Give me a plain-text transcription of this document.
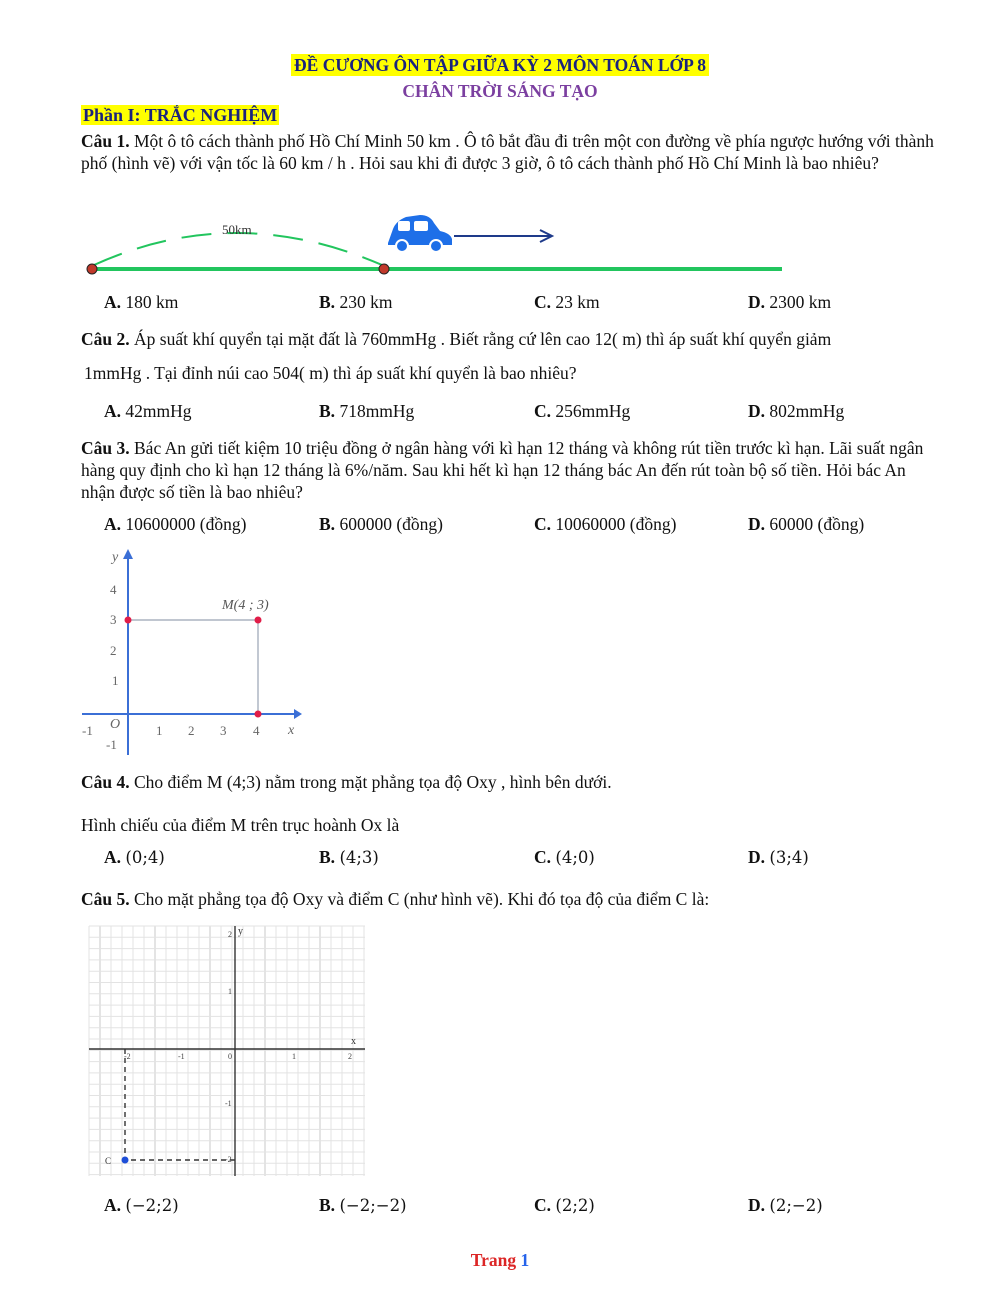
ĐỀ CƯƠNG ÔN TẬP GIỮA KỲ 2 MÔN TOÁN LỚP 8
CHÂN TRỜI SÁNG TẠO
Phần I: TRẮC NGHIỆM
Câu 1. Một ô tô cách thành phố Hồ Chí Minh 50 km . Ô tô bắt đầu đi trên một con đường về phía ngược hướng với thành phố (hình vẽ) với vận tốc là 60 km / h . Hỏi sau khi đi được 3 giờ, ô tô cách thành phố Hồ Chí Minh là bao nhiêu?
50km
A. 180 km	B. 230 km	C. 23 km	D. 2300 km
Câu 2. Áp suất khí quyển tại mặt đất là 760mmHg . Biết rằng cứ lên cao 12( m) thì áp suất khí quyển giảm
1mmHg . Tại đỉnh núi cao 504( m) thì áp suất khí quyển là bao nhiêu?
A. 42mmHg	B. 718mmHg	C. 256mmHg	D. 802mmHg
Câu 3. Bác An gửi tiết kiệm 10 triệu đồng ở ngân hàng với kì hạn 12 tháng và không rút tiền trước kì hạn. Lãi suất ngân hàng quy định cho kì hạn 12 tháng là 6%/năm. Sau khi hết kì hạn 12 tháng bác An đến rút toàn bộ số tiền. Hỏi bác An nhận được số tiền là bao nhiêu?
A. 10600000 (đồng)	B. 600000 (đồng)	C. 10060000 (đồng)	D. 60000 (đồng)
M(4 ; 3)
y
x
O
-1	1 2 3 4
4
3
2
1
-1
Câu 4. Cho điểm M (4;3) nằm trong mặt phẳng tọa độ Oxy , hình bên dưới.
Hình chiếu của điểm M trên trục hoành Ox là
A. (0;4)	B. (4;3)	C. (4;0)	D. (3;4)
Câu 5. Cho mặt phẳng tọa độ Oxy và điểm C (như hình vẽ). Khi đó tọa độ của điểm C là:
x
y
-2	-1	0	1	2
2
1
-1
-2
C
A. (−2;2)	B. (−2;−2)	C. (2;2)	D. (2;−2)
Trang 1
